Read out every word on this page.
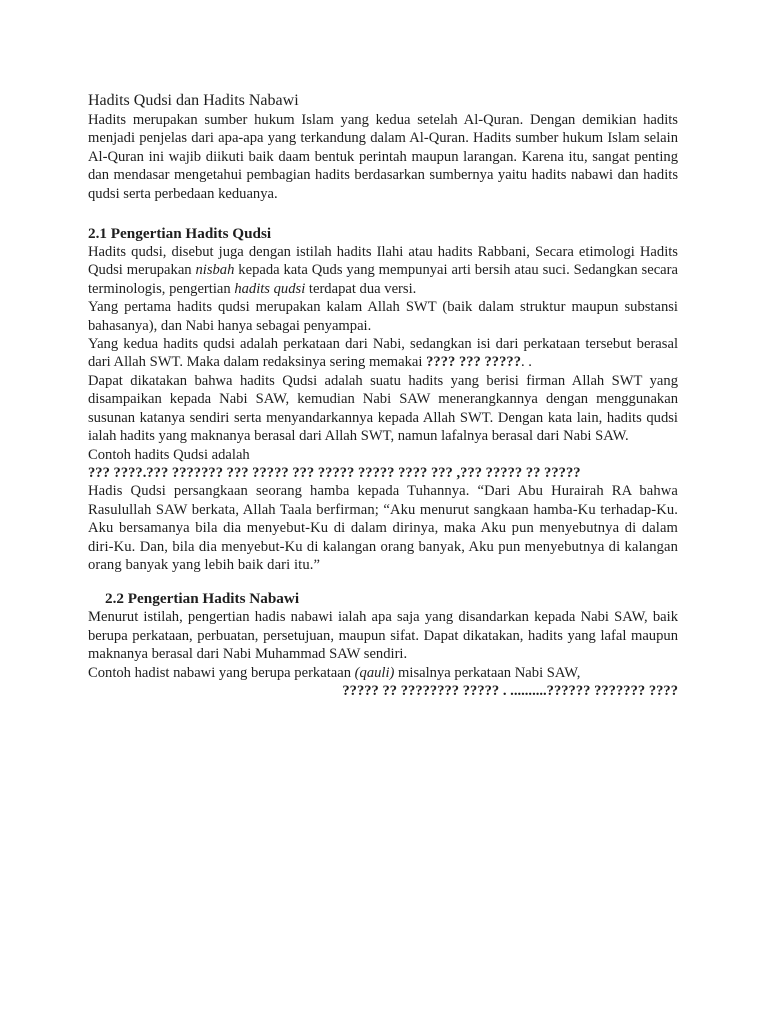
Hadits Qudsi dan Hadits Nabawi

Hadits merupakan sumber hukum Islam yang kedua setelah Al-Quran. Dengan demikian hadits menjadi penjelas dari apa-apa yang terkandung dalam Al-Quran. Hadits sumber hukum Islam selain Al-Quran ini wajib diikuti baik daam bentuk perintah maupun larangan. Karena itu, sangat penting dan mendasar mengetahui pembagian hadits berdasarkan sumbernya yaitu hadits nabawi dan hadits qudsi serta perbedaan keduanya.

2.1 Pengertian Hadits Qudsi

Hadits qudsi, disebut juga dengan istilah hadits Ilahi atau hadits Rabbani, Secara etimologi Hadits Qudsi merupakan nisbah kepada kata Quds yang mempunyai arti bersih atau suci. Sedangkan secara terminologis, pengertian hadits qudsi terdapat dua versi.

Yang pertama hadits qudsi merupakan kalam Allah SWT (baik dalam struktur maupun substansi bahasanya), dan Nabi hanya sebagai penyampai.

Yang kedua hadits qudsi adalah perkataan dari Nabi, sedangkan isi dari perkataan tersebut berasal dari Allah SWT. Maka dalam redaksinya sering memakai ???? ??? ?????. .

Dapat dikatakan bahwa hadits Qudsi adalah suatu hadits yang berisi firman Allah SWT yang disampaikan kepada Nabi SAW, kemudian Nabi SAW menerangkannya dengan menggunakan susunan katanya sendiri serta menyandarkannya kepada Allah SWT. Dengan kata lain, hadits qudsi ialah hadits yang maknanya berasal dari Allah SWT, namun lafalnya berasal dari Nabi SAW.

Contoh hadits Qudsi adalah

??? ????.??? ??????? ??? ????? ??? ????? ????? ???? ??? ,??? ????? ?? ?????

Hadis Qudsi persangkaan seorang hamba kepada Tuhannya. “Dari Abu Hurairah RA bahwa Rasulullah SAW berkata, Allah Taala berfirman; “Aku menurut sangkaan hamba-Ku terhadap-Ku. Aku bersamanya bila dia menyebut-Ku di dalam dirinya, maka Aku pun menyebutnya di dalam diri-Ku. Dan, bila dia menyebut-Ku di kalangan orang banyak, Aku pun menyebutnya di kalangan orang banyak yang lebih baik dari itu.”

2.2 Pengertian Hadits Nabawi

Menurut istilah, pengertian hadis nabawi ialah apa saja yang disandarkan kepada Nabi SAW, baik berupa perkataan, perbuatan, persetujuan, maupun sifat. Dapat dikatakan, hadits yang lafal maupun maknanya berasal dari Nabi Muhammad SAW sendiri.

Contoh hadist nabawi yang berupa perkataan (qauli) misalnya perkataan Nabi SAW,

????? ?? ???????? ????? . ..........?????? ??????? ????
